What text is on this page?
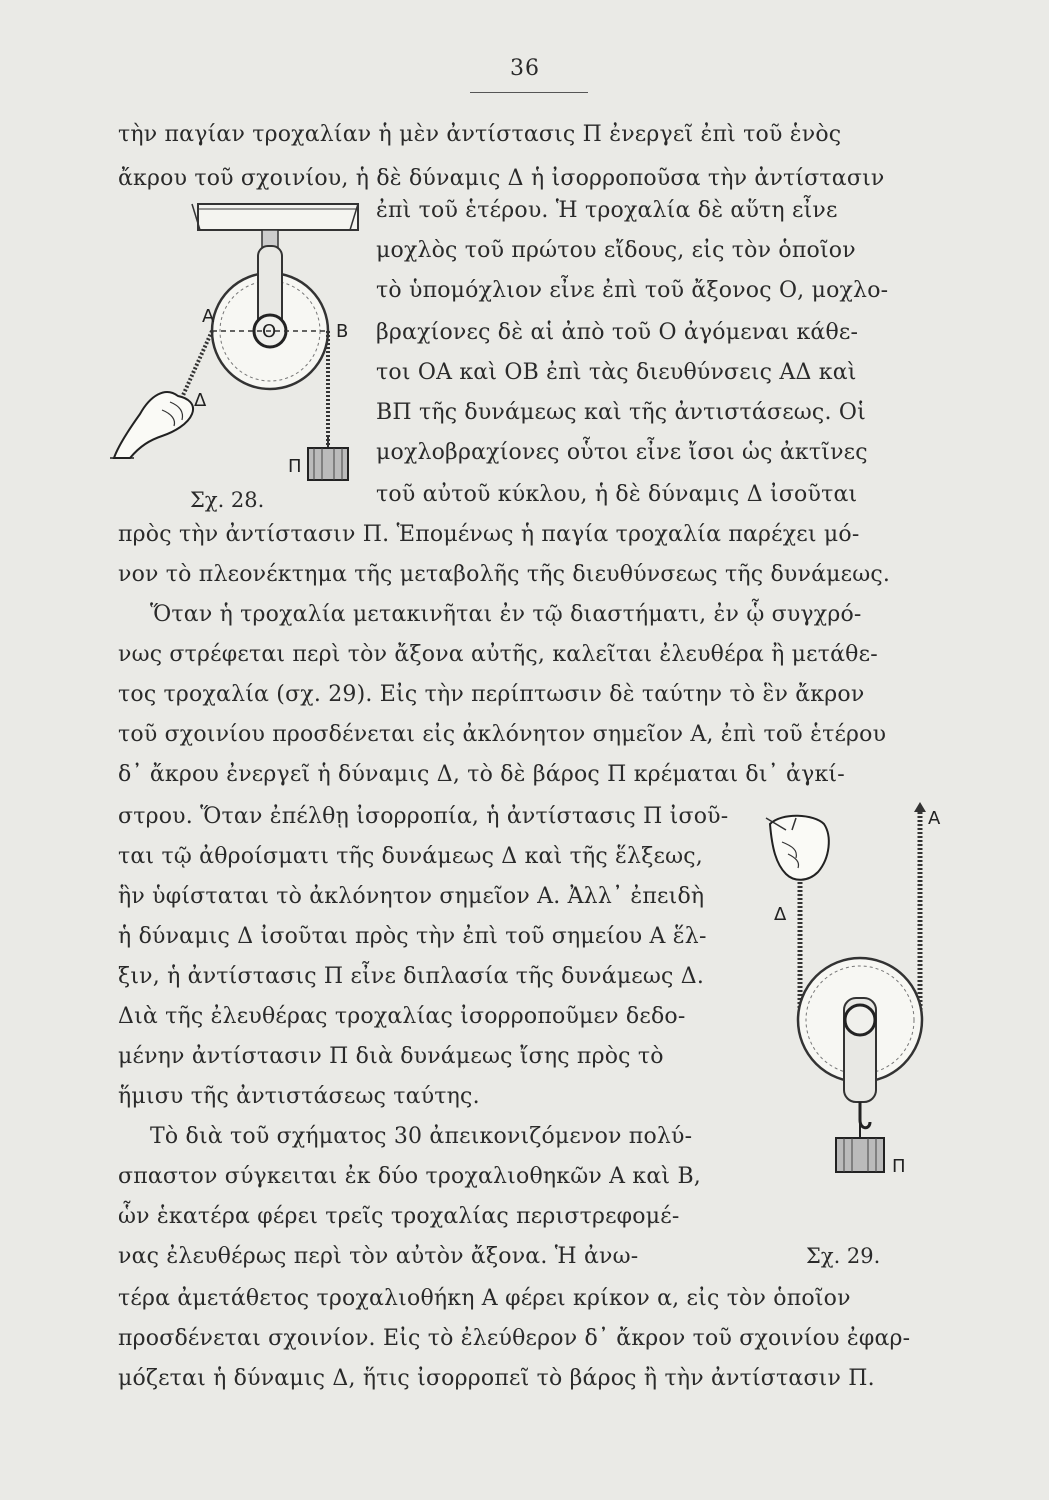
36
τὴν παγίαν τροχαλίαν ἡ μὲν ἀντίστασις Π ἐνεργεῖ ἐπὶ τοῦ ἑνὸς
ἄκρου τοῦ σχοινίου, ἡ δὲ δύναμις Δ ἡ ἰσορροποῦσα τὴν ἀντίστασιν
ἐπὶ τοῦ ἑτέρου. Ἡ τροχαλία δὲ αὕτη εἶνε
μοχλὸς τοῦ πρώτου εἴδους, εἰς τὸν ὁποῖον
τὸ ὑπομόχλιον εἶνε ἐπὶ τοῦ ἄξονος Ο, μοχλο-
βραχίονες δὲ αἱ ἀπὸ τοῦ Ο ἀγόμεναι κάθε-
τοι ΟΑ καὶ ΟΒ ἐπὶ τὰς διευθύνσεις ΑΔ καὶ
ΒΠ τῆς δυνάμεως καὶ τῆς ἀντιστάσεως. Οἱ
μοχλοβραχίονες οὗτοι εἶνε ἴσοι ὡς ἀκτῖνες
τοῦ αὐτοῦ κύκλου, ἡ δὲ δύναμις Δ ἰσοῦται
πρὸς τὴν ἀντίστασιν Π. Ἑπομένως ἡ παγία τροχαλία παρέχει μό-
νον τὸ πλεονέκτημα τῆς μεταβολῆς τῆς διευθύνσεως τῆς δυνάμεως.
Ὅταν ἡ τροχαλία μετακινῆται ἐν τῷ διαστήματι, ἐν ᾧ συγχρό-
νως στρέφεται περὶ τὸν ἄξονα αὐτῆς, καλεῖται ἐλευθέρα ἢ μετάθε-
τος τροχαλία (σχ. 29). Εἰς τὴν περίπτωσιν δὲ ταύτην τὸ ἓν ἄκρον
τοῦ σχοινίου προσδένεται εἰς ἀκλόνητον σημεῖον Α, ἐπὶ τοῦ ἑτέρου
δ᾽ ἄκρου ἐνεργεῖ ἡ δύναμις Δ, τὸ δὲ βάρος Π κρέμαται δι᾽ ἀγκί-
στρου. Ὅταν ἐπέλθῃ ἰσορροπία, ἡ ἀντίστασις Π ἰσοῦ-
ται τῷ ἀθροίσματι τῆς δυνάμεως Δ καὶ τῆς ἕλξεως,
ἣν ὑφίσταται τὸ ἀκλόνητον σημεῖον Α. Ἀλλ᾽ ἐπειδὴ
ἡ δύναμις Δ ἰσοῦται πρὸς τὴν ἐπὶ τοῦ σημείου Α ἕλ-
ξιν, ἡ ἀντίστασις Π εἶνε διπλασία τῆς δυνάμεως Δ.
Διὰ τῆς ἐλευθέρας τροχαλίας ἰσορροποῦμεν δεδο-
μένην ἀντίστασιν Π διὰ δυνάμεως ἴσης πρὸς τὸ
ἥμισυ τῆς ἀντιστάσεως ταύτης.
Τὸ διὰ τοῦ σχήματος 30 ἀπεικονιζόμενον πολύ-
σπαστον σύγκειται ἐκ δύο τροχαλιοθηκῶν Α καὶ Β,
ὧν ἑκατέρα φέρει τρεῖς τροχαλίας περιστρεφομέ-
νας ἐλευθέρως περὶ τὸν αὐτὸν ἄξονα. Ἡ ἀνω-
τέρα ἀμετάθετος τροχαλιοθήκη Α φέρει κρίκον α, εἰς τὸν ὁποῖον
προσδένεται σχοινίον. Εἰς τὸ ἐλεύθερον δ᾽ ἄκρον τοῦ σχοινίου ἐφαρ-
μόζεται ἡ δύναμις Δ, ἥτις ἰσορροπεῖ τὸ βάρος ἢ τὴν ἀντίστασιν Π.
A
O	B
Δ
Π
Σχ. 28.
A
Δ
Π
Σχ. 29.
